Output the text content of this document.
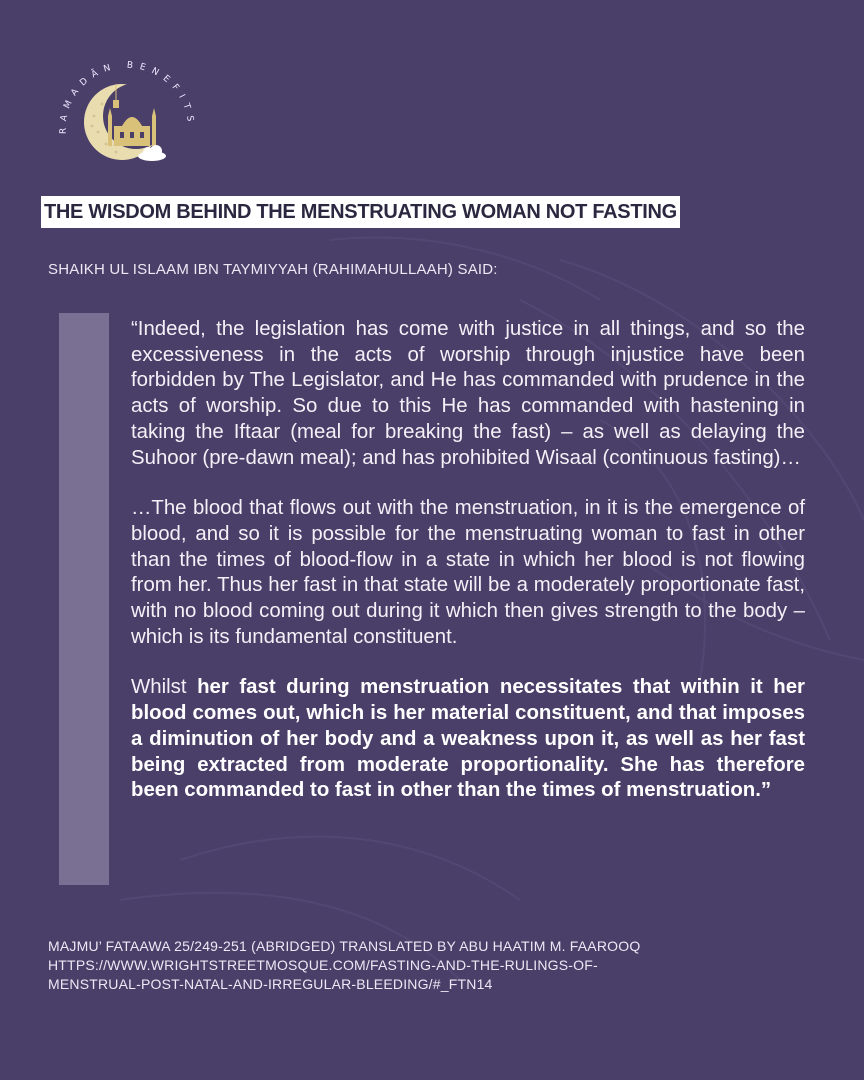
RAMADĀN BENEFITS
THE WISDOM BEHIND THE MENSTRUATING WOMAN NOT FASTING
SHAIKH UL ISLAAM IBN TAYMIYYAH (RAHIMAHULLAAH) SAID:

“Indeed, the legislation has come with justice in all things, and so the excessiveness in the acts of worship through injustice have been forbidden by The Legislator, and He has commanded with prudence in the acts of worship. So due to this He has commanded with hastening in taking the Iftaar (meal for breaking the fast) – as well as delaying the Suhoor (pre-dawn meal); and has prohibited Wisaal (continuous fasting)…

…The blood that flows out with the menstruation, in it is the emergence of blood, and so it is possible for the menstruating woman to fast in other than the times of blood-flow in a state in which her blood is not flowing from her. Thus her fast in that state will be a moderately proportionate fast, with no blood coming out during it which then gives strength to the body – which is its fundamental constituent.

Whilst her fast during menstruation necessitates that within it her blood comes out, which is her material constituent, and that imposes a diminution of her body and a weakness upon it, as well as her fast being extracted from moderate proportionality. She has therefore been commanded to fast in other than the times of menstruation.”

MAJMU’ FATAAWA 25/249-251 (ABRIDGED) TRANSLATED BY ABU HAATIM M. FAAROOQ
HTTPS://WWW.WRIGHTSTREETMOSQUE.COM/FASTING-AND-THE-RULINGS-OF-
MENSTRUAL-POST-NATAL-AND-IRREGULAR-BLEEDING/#_FTN14
